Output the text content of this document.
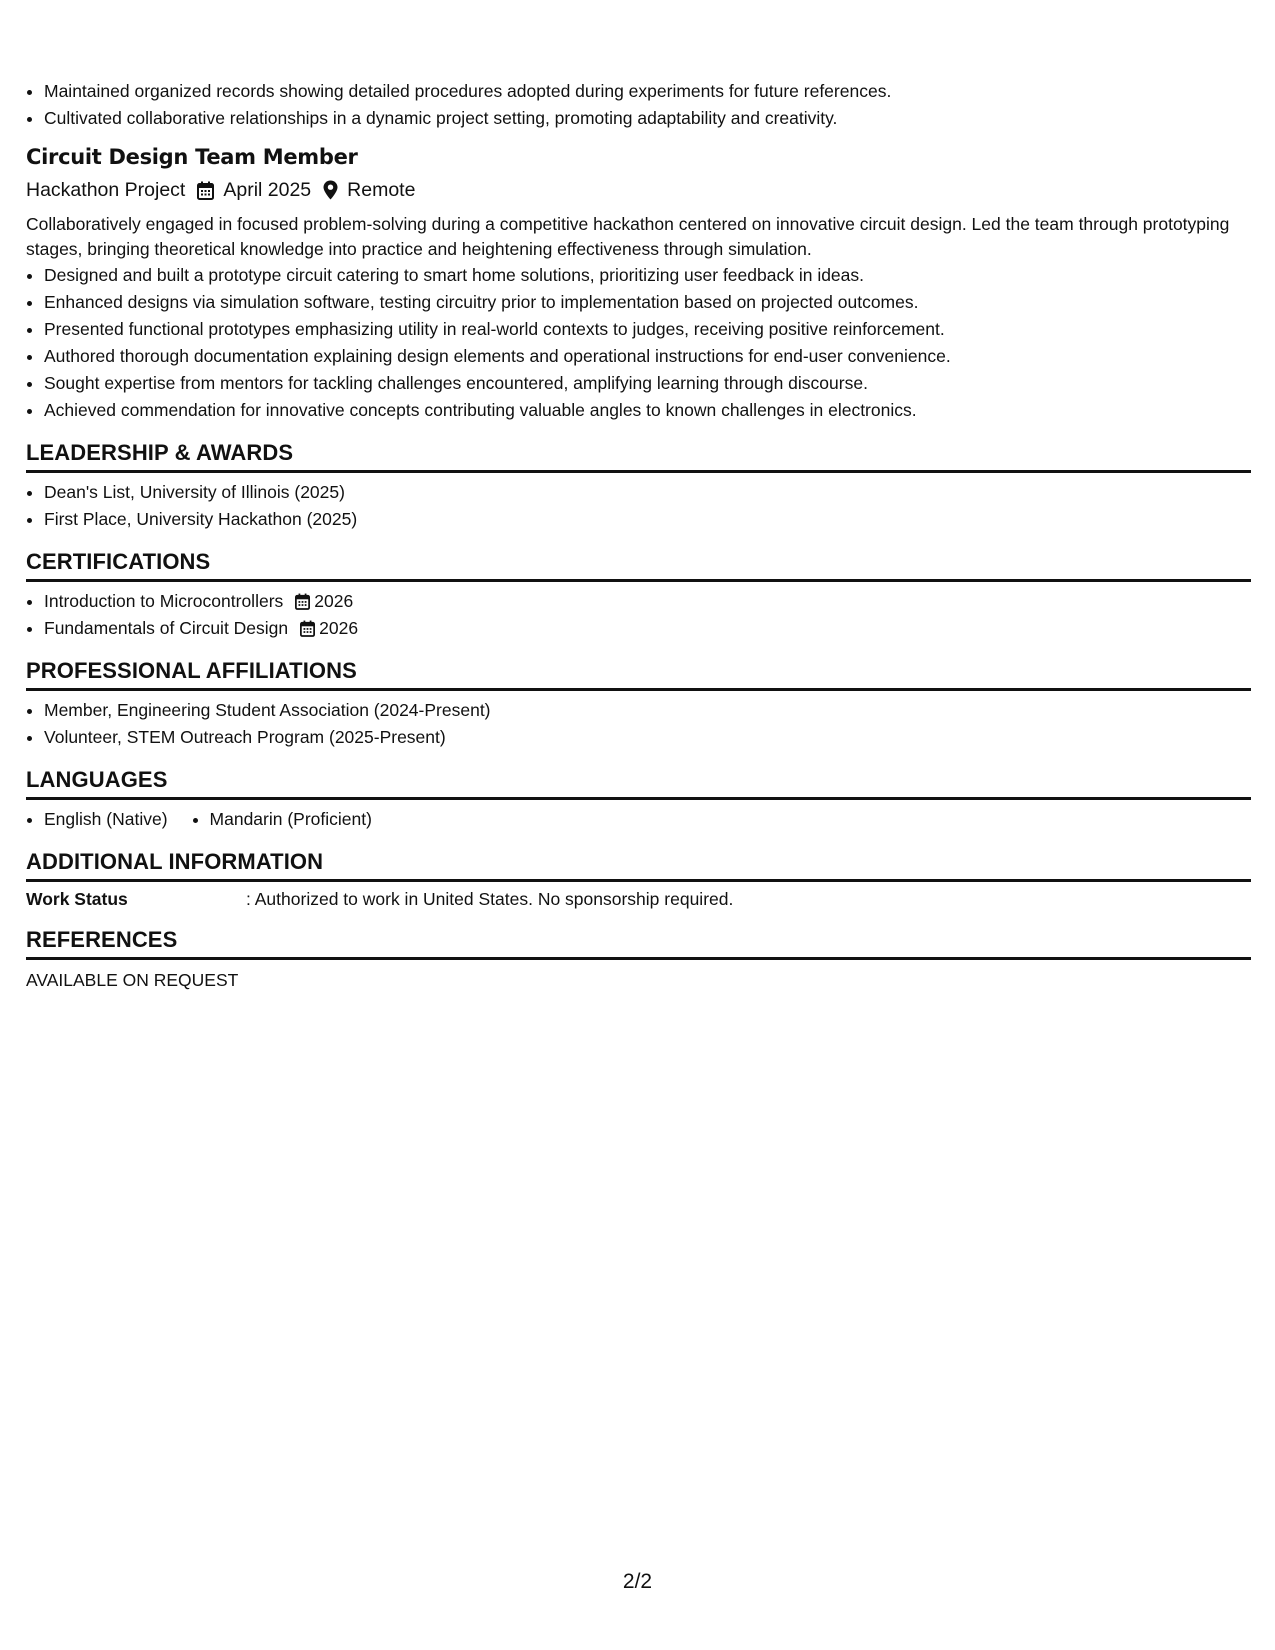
• Maintained organized records showing detailed procedures adopted during experiments for future references.
• Cultivated collaborative relationships in a dynamic project setting, promoting adaptability and creativity.
Circuit Design Team Member
Hackathon Project April 2025 Remote
Collaboratively engaged in focused problem-solving during a competitive hackathon centered on innovative circuit design. Led the team through prototyping stages, bringing theoretical knowledge into practice and heightening effectiveness through simulation.
• Designed and built a prototype circuit catering to smart home solutions, prioritizing user feedback in ideas.
• Enhanced designs via simulation software, testing circuitry prior to implementation based on projected outcomes.
• Presented functional prototypes emphasizing utility in real-world contexts to judges, receiving positive reinforcement.
• Authored thorough documentation explaining design elements and operational instructions for end-user convenience.
• Sought expertise from mentors for tackling challenges encountered, amplifying learning through discourse.
• Achieved commendation for innovative concepts contributing valuable angles to known challenges in electronics.
LEADERSHIP & AWARDS
• Dean's List, University of Illinois (2025)
• First Place, University Hackathon (2025)
CERTIFICATIONS
• Introduction to Microcontrollers 2026
• Fundamentals of Circuit Design 2026
PROFESSIONAL AFFILIATIONS
• Member, Engineering Student Association (2024-Present)
• Volunteer, STEM Outreach Program (2025-Present)
LANGUAGES
• English (Native)
• Mandarin (Proficient)
ADDITIONAL INFORMATION
Work Status	: Authorized to work in United States. No sponsorship required.
REFERENCES
AVAILABLE ON REQUEST
2/2
